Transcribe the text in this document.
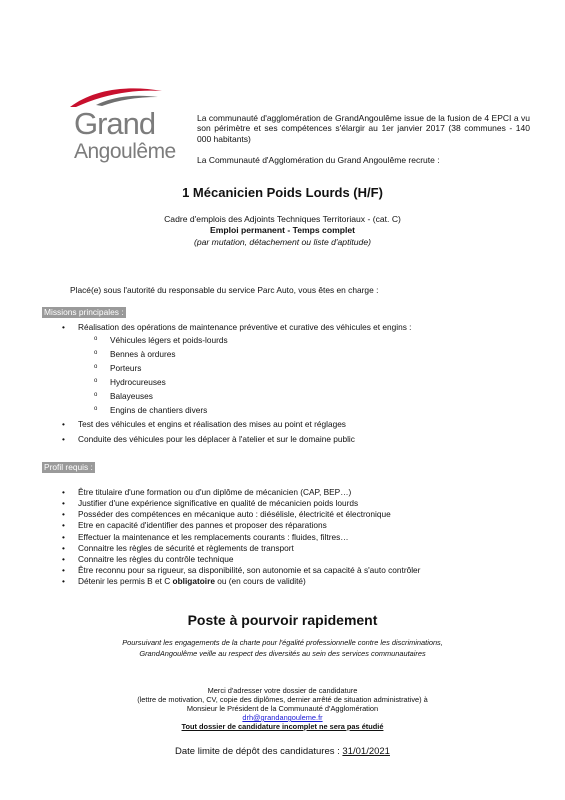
Grand
Angoulême
La communauté d'agglomération de GrandAngoulême issue de la fusion de 4 EPCI a vu son périmètre et ses compétences s'élargir au 1er janvier 2017 (38 communes - 140 000 habitants)
La Communauté d'Agglomération du Grand Angoulême recrute :
1 Mécanicien Poids Lourds (H/F)
Cadre d'emplois des Adjoints Techniques Territoriaux - (cat. C)
Emploi permanent - Temps complet
(par mutation, détachement ou liste d'aptitude)
Placé(e) sous l'autorité du responsable du service Parc Auto, vous êtes en charge :
Missions principales :
Réalisation des opérations de maintenance préventive et curative des véhicules et engins :
Véhicules légers et poids-lourds
Bennes à ordures
Porteurs
Hydrocureuses
Balayeuses
Engins de chantiers divers
Test des véhicules et engins et réalisation des mises au point et réglages
Conduite des véhicules pour les déplacer à l'atelier et sur le domaine public
Profil requis :
Être titulaire d'une formation ou d'un diplôme de mécanicien (CAP, BEP…)
Justifier d'une expérience significative en qualité de mécanicien poids lourds
Posséder des compétences en mécanique auto : diésélisle, électricité et électronique
Etre en capacité d'identifier des pannes et proposer des réparations
Effectuer la maintenance et les remplacements courants : fluides, filtres…
Connaitre les règles de sécurité et règlements de transport
Connaitre les règles du contrôle technique
Être reconnu pour sa rigueur, sa disponibilité, son autonomie et sa capacité à s'auto contrôler
Détenir les permis B et C obligatoire ou (en cours de validité)
Poste à pourvoir rapidement
Poursuivant les engagements de la charte pour l'égalité professionnelle contre les discriminations,
GrandAngoulême veille au respect des diversités au sein des services communautaires
Merci d'adresser votre dossier de candidature
(lettre de motivation, CV, copie des diplômes, dernier arrêté de situation administrative) à
Monsieur le Président de la Communauté d'Agglomération
drh@grandangouleme.fr
Tout dossier de candidature incomplet ne sera pas étudié
Date limite de dépôt des candidatures : 31/01/2021
